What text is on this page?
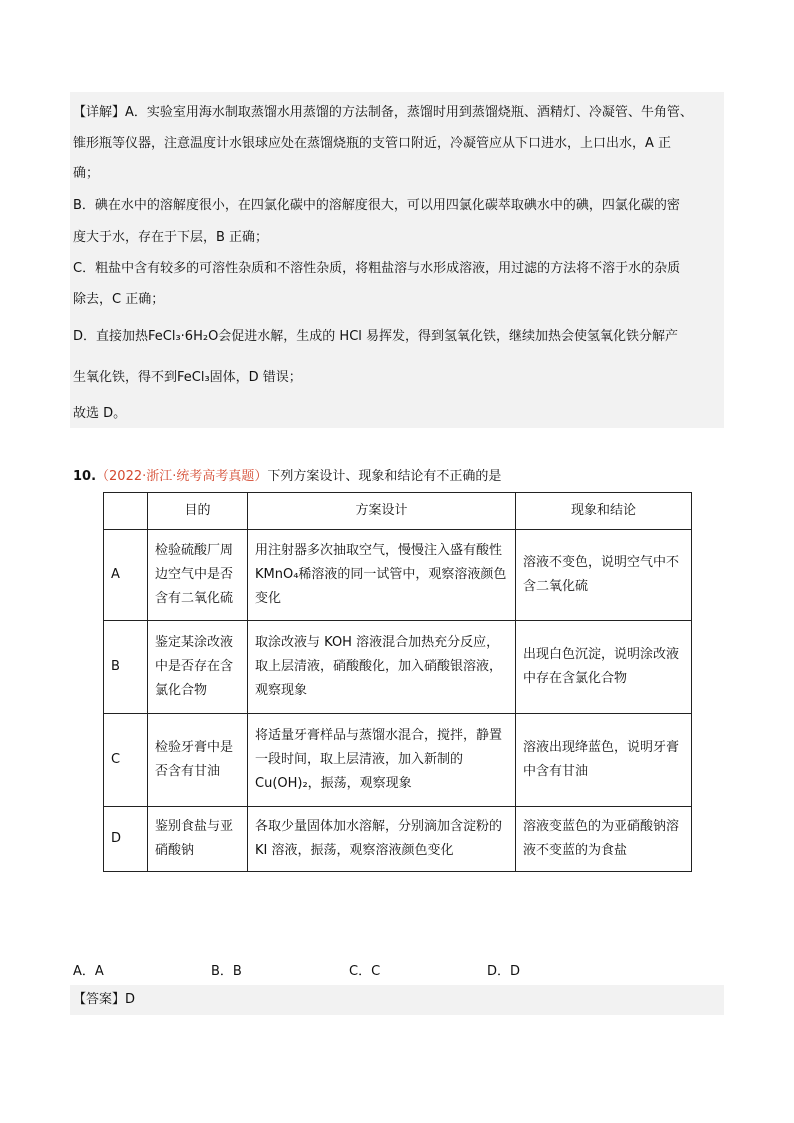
【详解】A．实验室用海水制取蒸馏水用蒸馏的方法制备，蒸馏时用到蒸馏烧瓶、酒精灯、冷凝管、牛角管、
锥形瓶等仪器，注意温度计水银球应处在蒸馏烧瓶的支管口附近，冷凝管应从下口进水，上口出水，A 正
确；
B．碘在水中的溶解度很小，在四氯化碳中的溶解度很大，可以用四氯化碳萃取碘水中的碘，四氯化碳的密
度大于水，存在于下层，B 正确；
C．粗盐中含有较多的可溶性杂质和不溶性杂质，将粗盐溶与水形成溶液，用过滤的方法将不溶于水的杂质
除去，C 正确；
D．直接加热FeCl₃·6H₂O会促进水解，生成的 HCl 易挥发，得到氢氧化铁，继续加热会使氢氧化铁分解产
生氧化铁，得不到FeCl₃固体，D 错误；
故选 D。
10.（2022·浙江·统考高考真题）下列方案设计、现象和结论有不正确的是
	目的	方案设计	现象和结论
A	检验硫酸厂周边空气中是否含有二氧化硫	用注射器多次抽取空气，慢慢注入盛有酸性 KMnO₄稀溶液的同一试管中，观察溶液颜色变化	溶液不变色，说明空气中不含二氧化硫
B	鉴定某涂改液中是否存在含氯化合物	取涂改液与 KOH 溶液混合加热充分反应，取上层清液，硝酸酸化，加入硝酸银溶液，观察现象	出现白色沉淀，说明涂改液中存在含氯化合物
C	检验牙膏中是否含有甘油	将适量牙膏样品与蒸馏水混合，搅拌，静置一段时间，取上层清液，加入新制的 Cu(OH)₂，振荡，观察现象	溶液出现绛蓝色，说明牙膏中含有甘油
D	鉴别食盐与亚硝酸钠	各取少量固体加水溶解，分别滴加含淀粉的 KI 溶液，振荡，观察溶液颜色变化	溶液变蓝色的为亚硝酸钠溶液不变蓝的为食盐
A．A	B．B	C．C	D．D
【答案】D
